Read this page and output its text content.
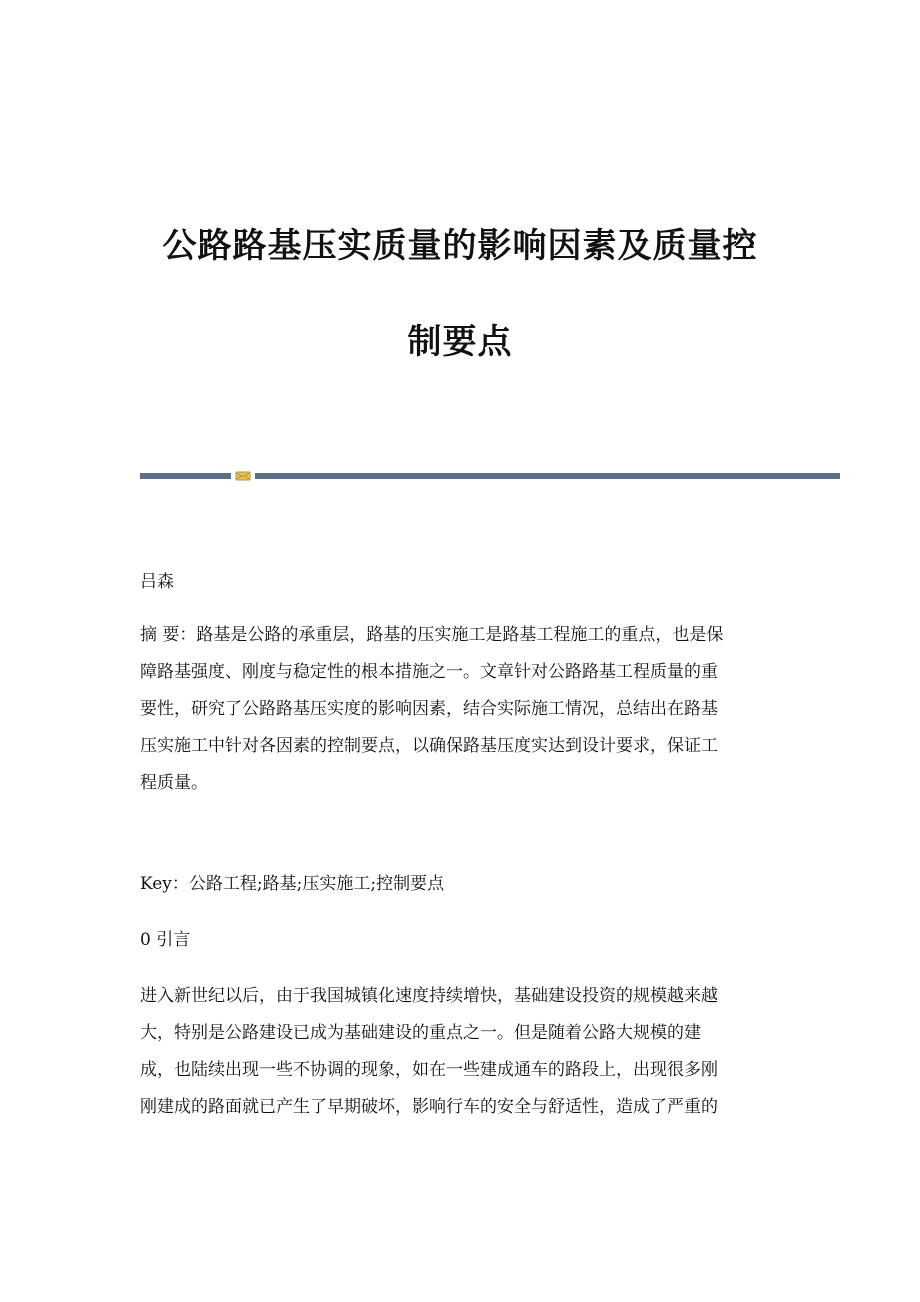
公路路基压实质量的影响因素及质量控
制要点
吕森
摘 要：路基是公路的承重层，路基的压实施工是路基工程施工的重点，也是保
障路基强度、刚度与稳定性的根本措施之一。文章针对公路路基工程质量的重
要性，研究了公路路基压实度的影响因素，结合实际施工情况，总结出在路基
压实施工中针对各因素的控制要点，以确保路基压度实达到设计要求，保证工
程质量。
Key：公路工程;路基;压实施工;控制要点
0 引言
进入新世纪以后，由于我国城镇化速度持续增快，基础建设投资的规模越来越
大，特别是公路建设已成为基础建设的重点之一。但是随着公路大规模的建
成，也陆续出现一些不协调的现象，如在一些建成通车的路段上，出现很多刚
刚建成的路面就已产生了早期破坏，影响行车的安全与舒适性，造成了严重的
